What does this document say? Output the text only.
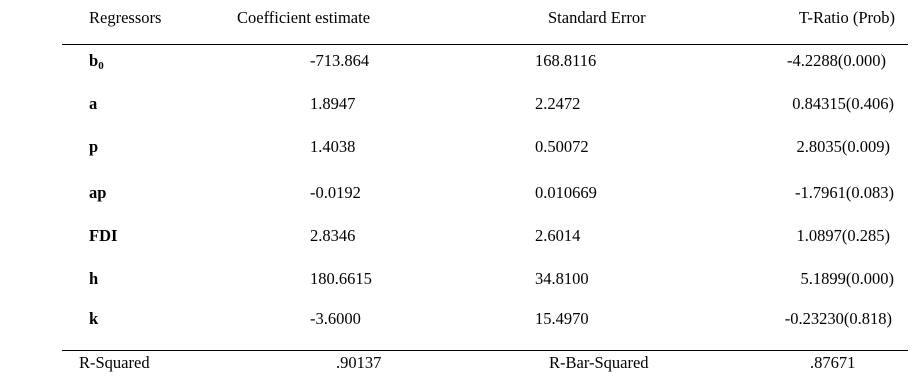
Regressors	Coefficient estimate	Standard Error	T-Ratio (Prob)
$b_0$	-713.864	168.8116	-4.2288(0.000)
a	1.8947	2.2472	0.84315(0.406)
p	1.4038	0.50072	2.8035(0.009)
ap	-0.0192	0.010669	-1.7961(0.083)
FDI	2.8346	2.6014	1.0897(0.285)
h	180.6615	34.8100	5.1899(0.000)
k	-3.6000	15.4970	-0.23230(0.818)
R-Squared	.90137	R-Bar-Squared	.87671
